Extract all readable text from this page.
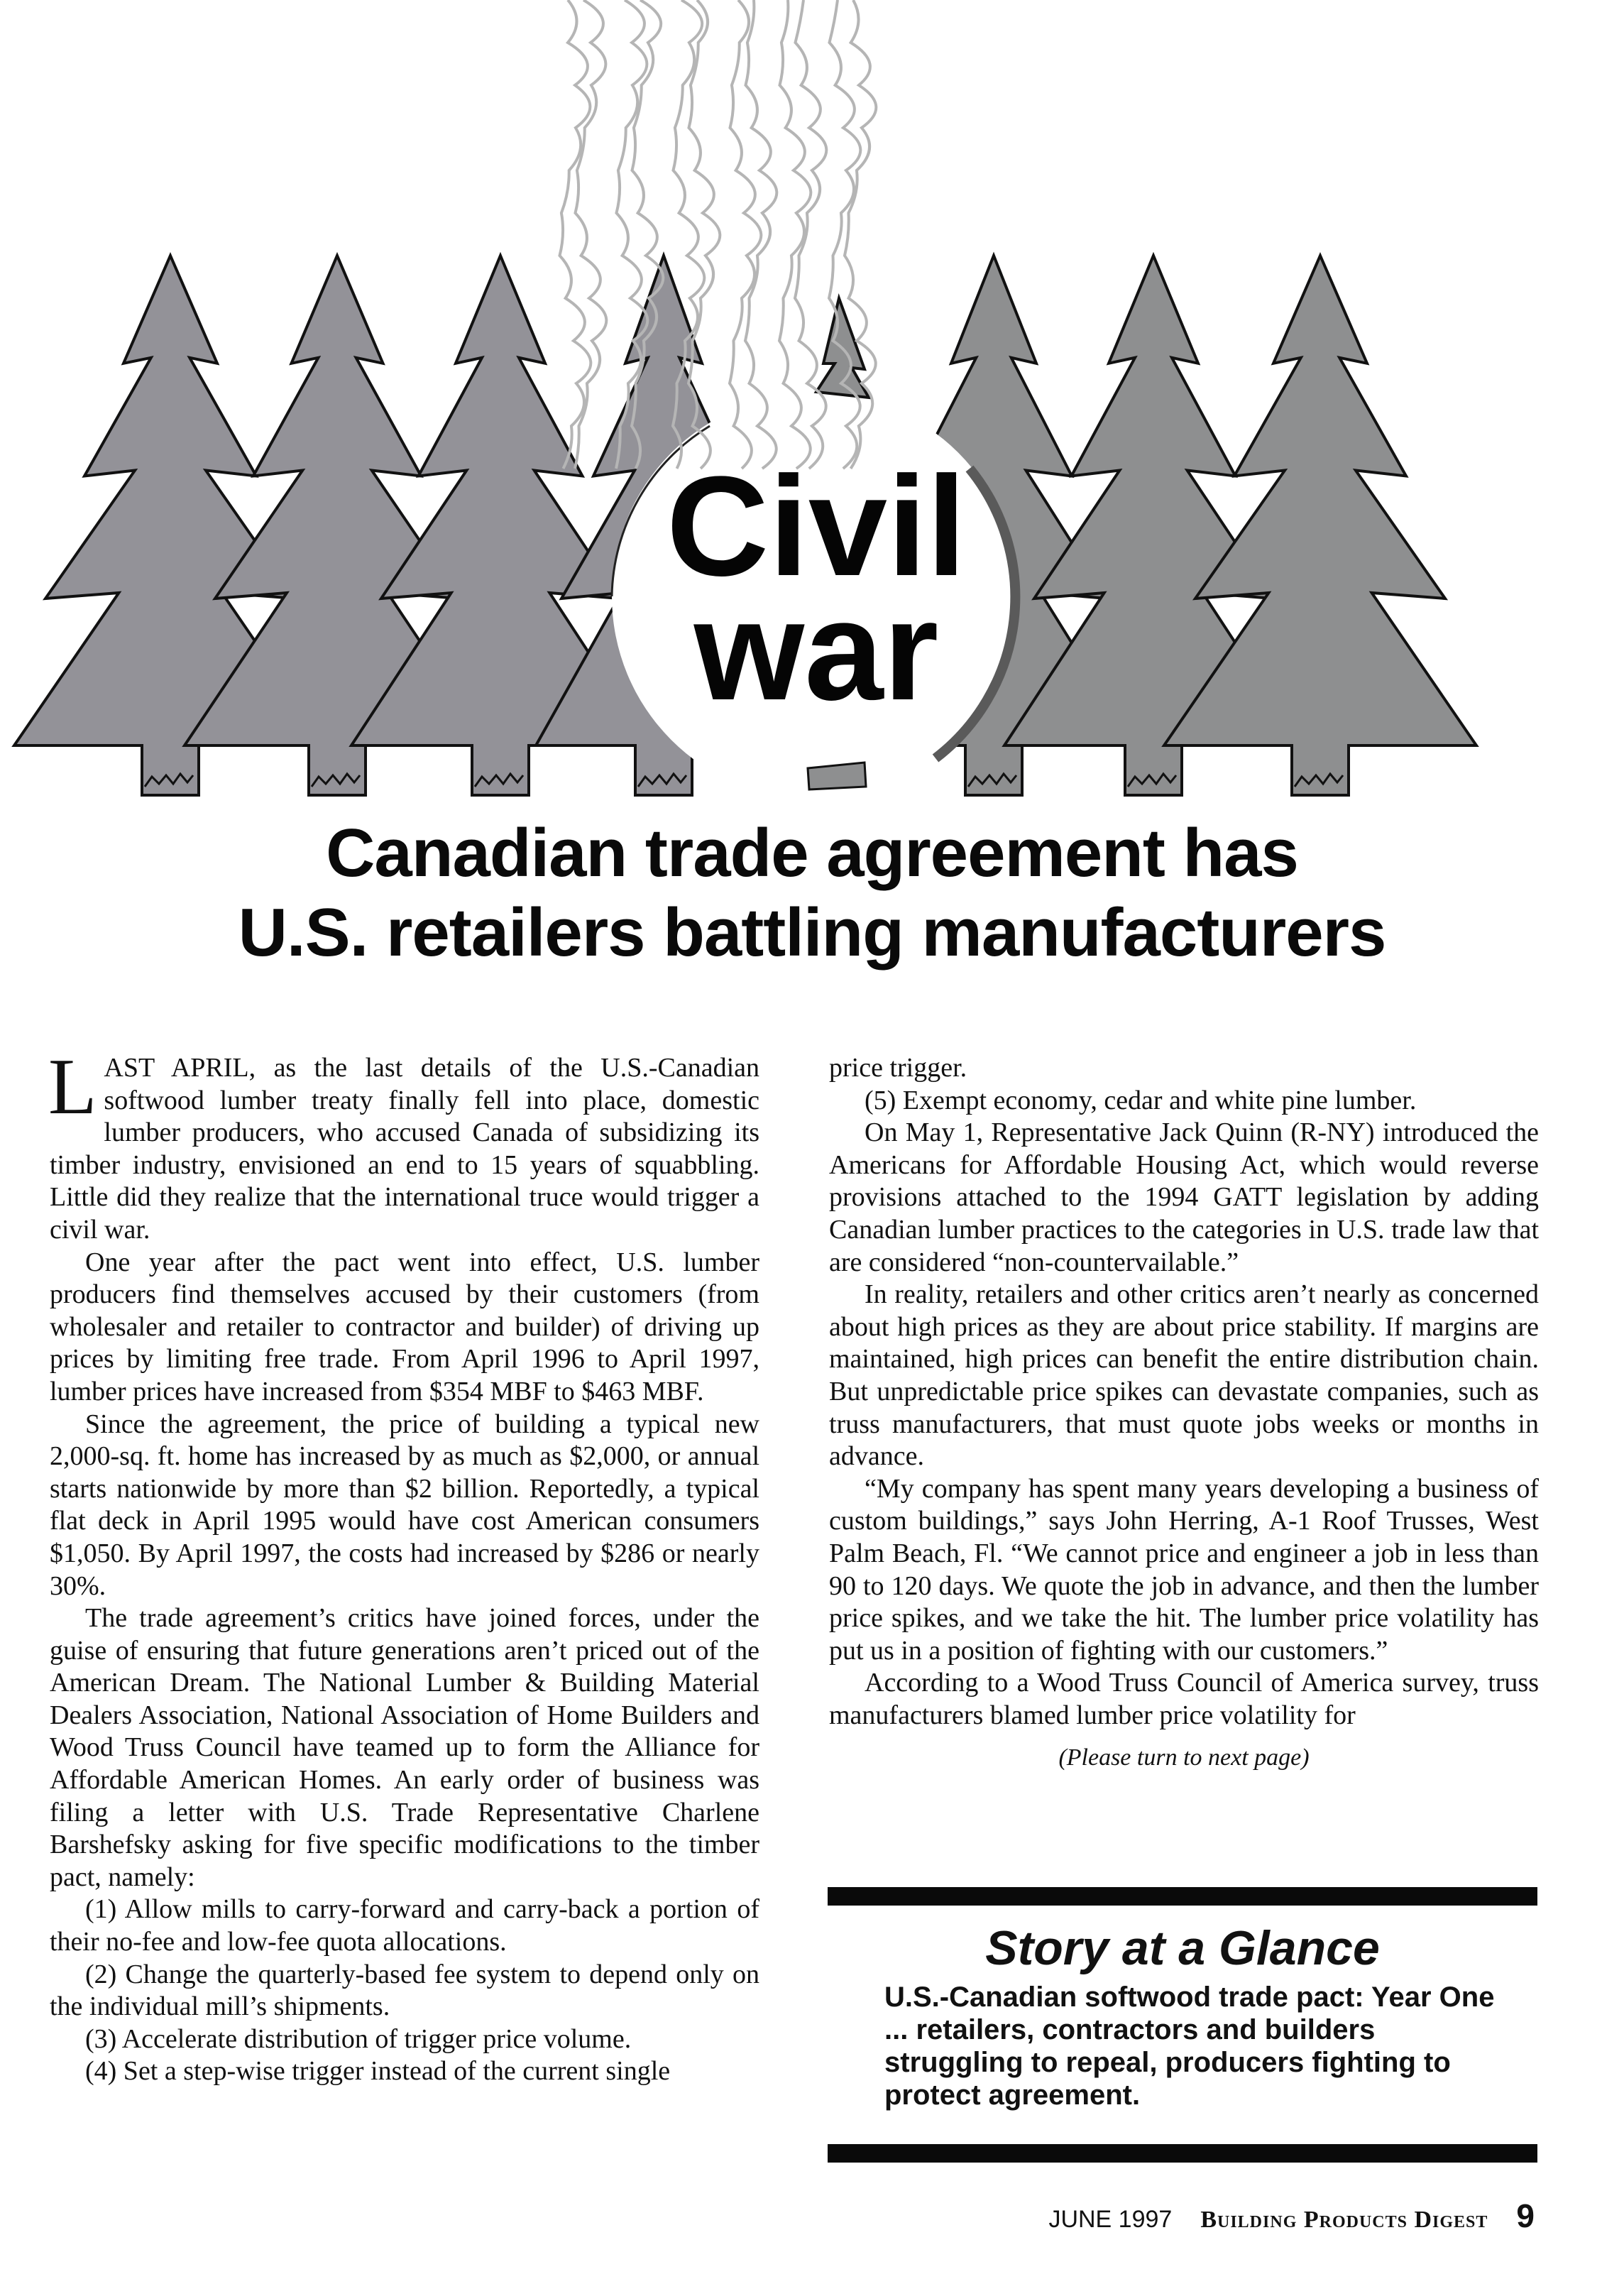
Civil
war
Canadian trade agreement has
U.S. retailers battling manufacturers

LAST APRIL, as the last details of the U.S.-Canadian softwood lumber treaty finally fell into place, domestic lumber producers, who accused Canada of subsidizing its timber industry, envisioned an end to 15 years of squabbling. Little did they realize that the international truce would trigger a civil war.

One year after the pact went into effect, U.S. lumber producers find themselves accused by their customers (from wholesaler and retailer to contractor and builder) of driving up prices by limiting free trade. From April 1996 to April 1997, lumber prices have increased from $354 MBF to $463 MBF.

Since the agreement, the price of building a typical new 2,000-sq. ft. home has increased by as much as $2,000, or annual starts nationwide by more than $2 billion. Reportedly, a typical flat deck in April 1995 would have cost American consumers $1,050. By April 1997, the costs had increased by $286 or nearly 30%.

The trade agreement’s critics have joined forces, under the guise of ensuring that future generations aren’t priced out of the American Dream. The National Lumber & Building Material Dealers Association, National Association of Home Builders and Wood Truss Council have teamed up to form the Alliance for Affordable American Homes. An early order of business was filing a letter with U.S. Trade Representative Charlene Barshefsky asking for five specific modifications to the timber pact, namely:

(1) Allow mills to carry-forward and carry-back a portion of their no-fee and low-fee quota allocations.

(2) Change the quarterly-based fee system to depend only on the individual mill’s shipments.

(3) Accelerate distribution of trigger price volume.

(4) Set a step-wise trigger instead of the current single

price trigger.

(5) Exempt economy, cedar and white pine lumber.

On May 1, Representative Jack Quinn (R-NY) introduced the Americans for Affordable Housing Act, which would reverse provisions attached to the 1994 GATT legislation by adding Canadian lumber practices to the categories in U.S. trade law that are considered “non-countervailable.”

In reality, retailers and other critics aren’t nearly as concerned about high prices as they are about price stability. If margins are maintained, high prices can benefit the entire distribution chain. But unpredictable price spikes can devastate companies, such as truss manufacturers, that must quote jobs weeks or months in advance.

“My company has spent many years developing a business of custom buildings,” says John Herring, A-1 Roof Trusses, West Palm Beach, Fl. “We cannot price and engineer a job in less than 90 to 120 days. We quote the job in advance, and then the lumber price spikes, and we take the hit. The lumber price volatility has put us in a position of fighting with our customers.”

According to a Wood Truss Council of America survey, truss manufacturers blamed lumber price volatility for

(Please turn to next page)

Story at a Glance
U.S.-Canadian softwood trade pact: Year One ... retailers, contractors and builders struggling to repeal, producers fighting to protect agreement.
JUNE 1997 Building Products Digest 9
